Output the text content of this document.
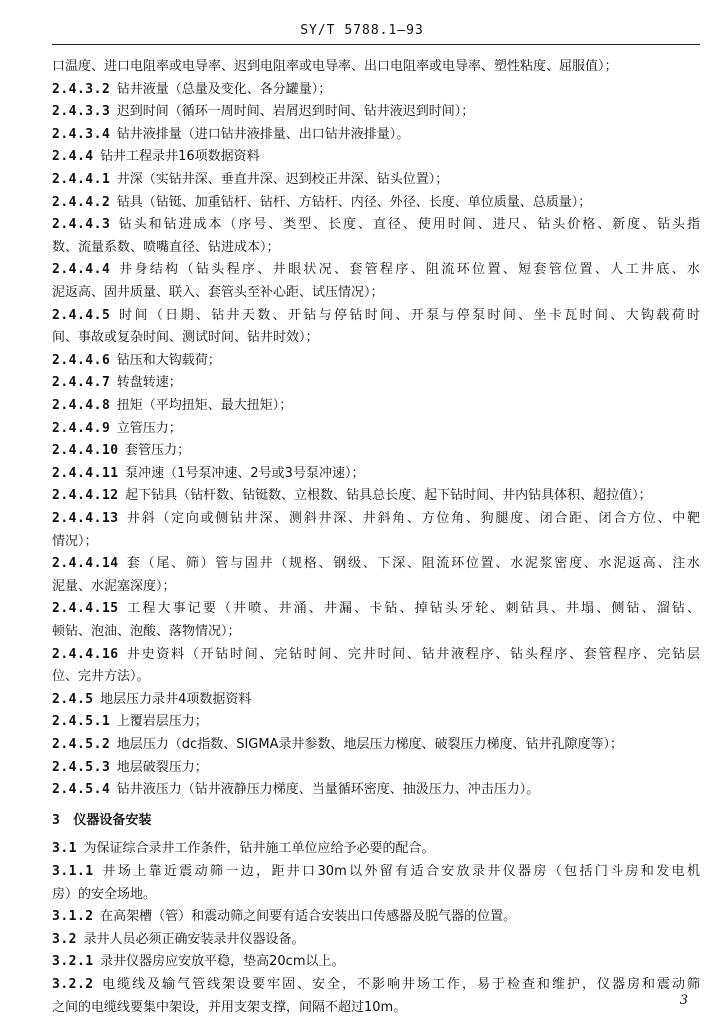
SY/T 5788.1—93
口温度、进口电阻率或电导率、迟到电阻率或电导率、出口电阻率或电导率、塑性粘度、屈服值）；
2.4.3.2  钻井液量（总量及变化、各分罐量）；
2.4.3.3  迟到时间（循环一周时间、岩屑迟到时间、钻井液迟到时间）；
2.4.3.4  钻井液排量（进口钻井液排量、出口钻井液排量）。
2.4.4  钻井工程录井16项数据资料
2.4.4.1  井深（实钻井深、垂直井深、迟到校正井深、钻头位置）；
2.4.4.2  钻具（钻铤、加重钻杆、钻杆、方钻杆、内径、外径、长度、单位质量、总质量）；
2.4.4.3  钻头和钻进成本（序号、类型、长度、直径、使用时间、进尺、钻头价格、新度、钻头指
数、流量系数、喷嘴直径、钻进成本）；
2.4.4.4  井身结构（钻头程序、井眼状况、套管程序、阻流环位置、短套管位置、人工井底、水
泥返高、固井质量、联入、套管头至补心距、试压情况）；
2.4.4.5  时间（日期、钻井天数、开钻与停钻时间、开泵与停泵时间、坐卡瓦时间、大钩载荷时
间、事故或复杂时间、测试时间、钻井时效）；
2.4.4.6  钻压和大钩载荷；
2.4.4.7  转盘转速；
2.4.4.8  扭矩（平均扭矩、最大扭矩）；
2.4.4.9  立管压力；
2.4.4.10  套管压力；
2.4.4.11  泵冲速（1号泵冲速、2号或3号泵冲速）；
2.4.4.12  起下钻具（钻杆数、钻铤数、立根数、钻具总长度、起下钻时间、井内钻具体积、超拉值）；
2.4.4.13  井斜（定向或侧钻井深、测斜井深、井斜角、方位角、狗腿度、闭合距、闭合方位、中靶
情况）；
2.4.4.14  套（尾、筛）管与固井（规格、钢级、下深、阻流环位置、水泥浆密度、水泥返高、注水
泥量、水泥塞深度）；
2.4.4.15  工程大事记要（井喷、井涌、井漏、卡钻、掉钻头牙轮、刺钻具、井塌、侧钻、溜钻、
顿钻、泡油、泡酸、落物情况）；
2.4.4.16  井史资料（开钻时间、完钻时间、完井时间、钻井液程序、钻头程序、套管程序、完钻层
位、完井方法）。
2.4.5  地层压力录井4项数据资料
2.4.5.1  上覆岩层压力；
2.4.5.2  地层压力（dc指数、SIGMA录井参数、地层压力梯度、破裂压力梯度、钻井孔隙度等）；
2.4.5.3  地层破裂压力；
2.4.5.4  钻井液压力（钻井液静压力梯度、当量循环密度、抽汲压力、冲击压力）。
3  仪器设备安装
3.1  为保证综合录井工作条件，钻井施工单位应给予必要的配合。
3.1.1  井场上靠近震动筛一边，距井口30m以外留有适合安放录井仪器房（包括门斗房和发电机
房）的安全场地。
3.1.2  在高架槽（管）和震动筛之间要有适合安装出口传感器及脱气器的位置。
3.2  录井人员必须正确安装录井仪器设备。
3.2.1  录井仪器房应安放平稳，垫高20cm以上。
3.2.2  电缆线及输气管线架设要牢固、安全，不影响井场工作，易于检查和维护，仪器房和震动筛
之间的电缆线要集中架设，并用支架支撑，间隔不超过10m。	3
